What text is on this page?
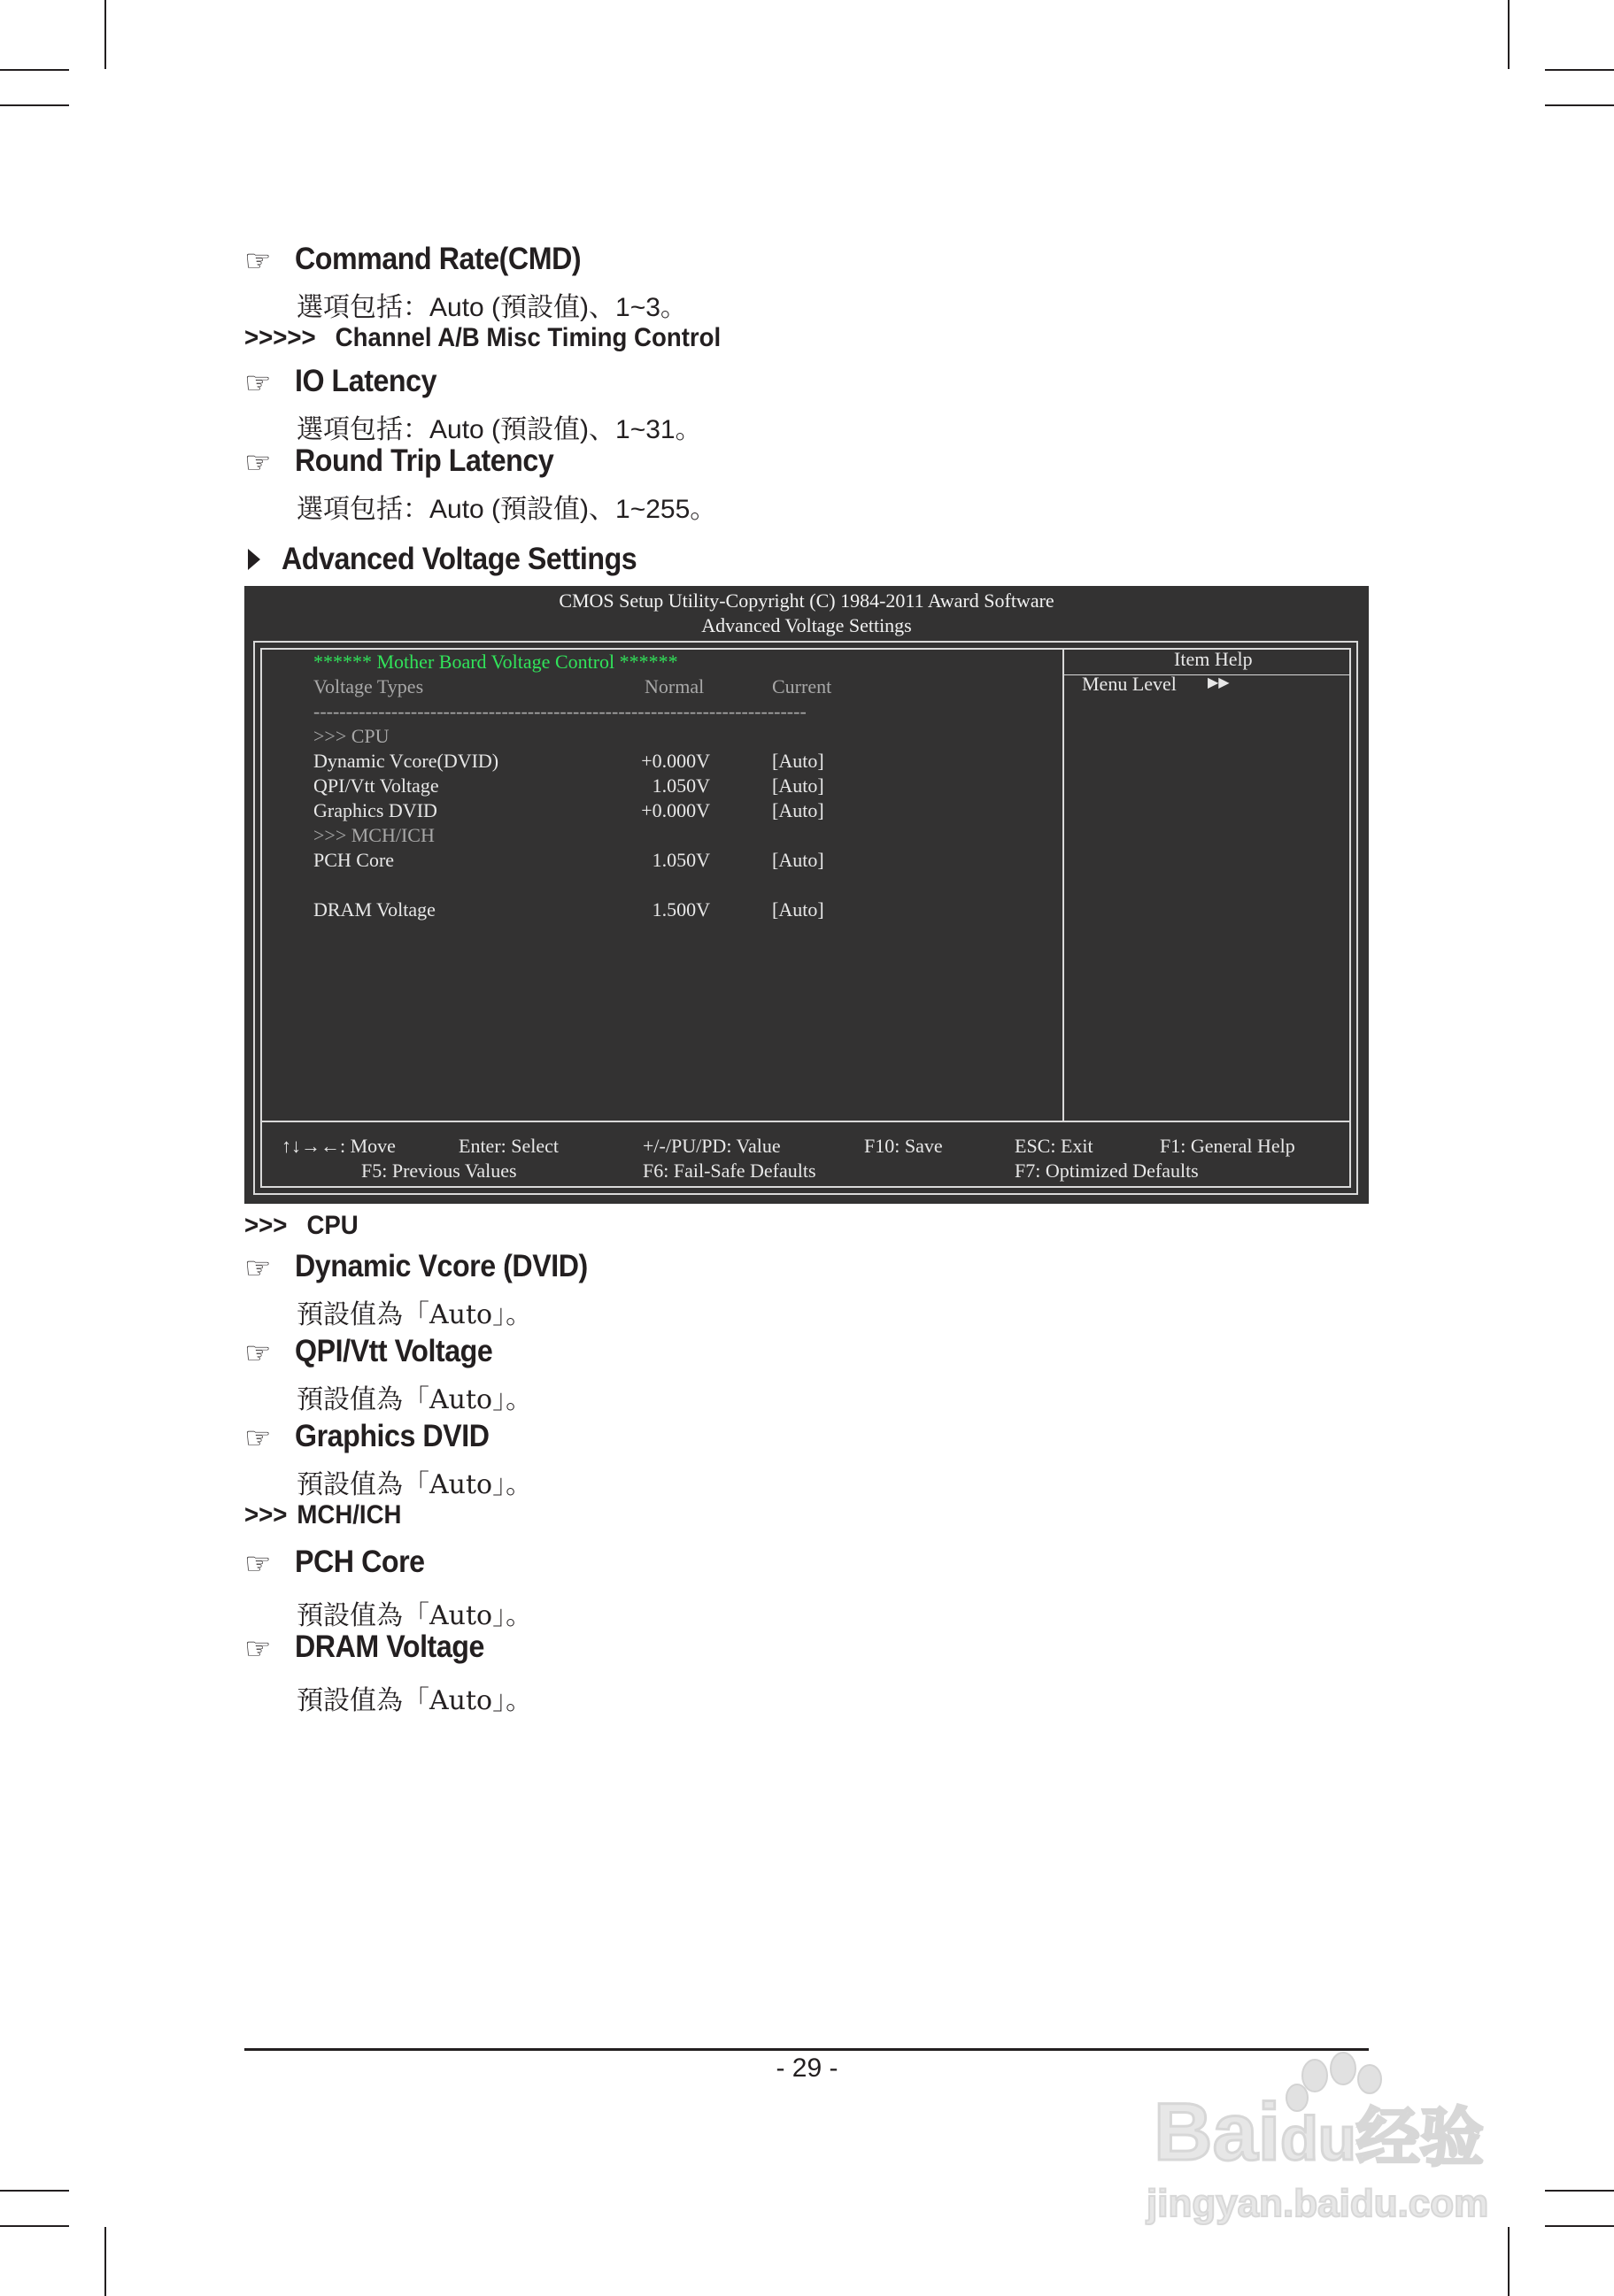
☞ Command Rate(CMD)
選項包括：Auto (預設值)、1~3。
>>>>> Channel A/B Misc Timing Control
☞ IO Latency
選項包括：Auto (預設值)、1~31。
☞ Round Trip Latency
選項包括：Auto (預設值)、1~255。
Advanced Voltage Settings
CMOS Setup Utility-Copyright (C) 1984-2011 Award Software
Advanced Voltage Settings
****** Mother Board Voltage Control ******
Voltage Types	Normal	Current
----------------------------------------------------------------------------
>>> CPU
Dynamic Vcore(DVID)	+0.000V	[Auto]
QPI/Vtt Voltage	1.050V	[Auto]
Graphics DVID	+0.000V	[Auto]
>>> MCH/ICH
PCH Core	1.050V	[Auto]
DRAM Voltage	1.500V	[Auto]
Item Help
Menu Level ▶▶
↑↓→←: Move	Enter: Select	+/-/PU/PD: Value	F10: Save	ESC: Exit	F1: General Help
F5: Previous Values	F6: Fail-Safe Defaults	F7: Optimized Defaults
>>> CPU
☞ Dynamic Vcore (DVID)
預設值為「Auto」。
☞ QPI/Vtt Voltage
預設值為「Auto」。
☞ Graphics DVID
預設值為「Auto」。
>>> MCH/ICH
☞ PCH Core
預設值為「Auto」。
☞ DRAM Voltage
預設值為「Auto」。
- 29 -
Baidu经验
jingyan.baidu.com
